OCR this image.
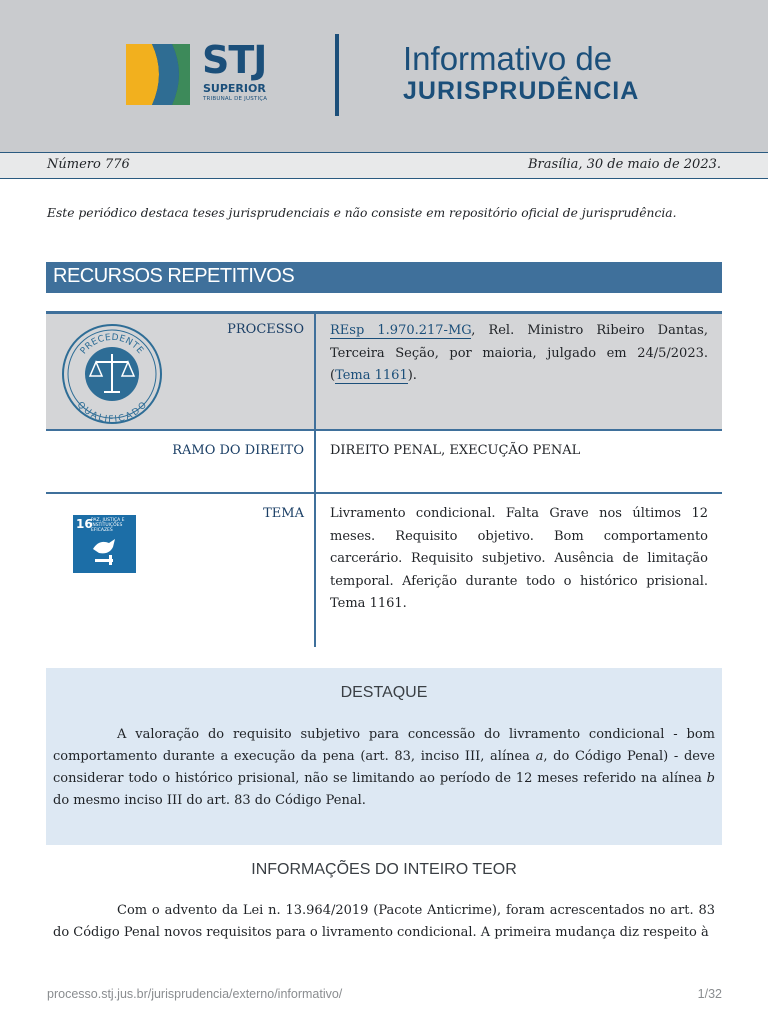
STJ
SUPERIOR
TRIBUNAL DE JUSTIÇA
Informativo de
JURISPRUDÊNCIA
Número 776	Brasília, 30 de maio de 2023.
Este periódico destaca teses jurisprudenciais e não consiste em repositório oficial de jurisprudência.
RECURSOS REPETITIVOS
PRECEDENTE
QUALIFICADO
PROCESSO REsp 1.970.217-MG, Rel. Ministro Ribeiro Dantas, Terceira Seção, por maioria, julgado em 24/5/2023. (Tema 1161).
RAMO DO DIREITO DIREITO PENAL, EXECUÇÃO PENAL
16
PAZ, JUSTIÇA E INSTITUIÇÕES EFICAZES
TEMA Livramento condicional. Falta Grave nos últimos 12 meses. Requisito objetivo. Bom comportamento carcerário. Requisito subjetivo. Ausência de limitação temporal. Aferição durante todo o histórico prisional. Tema 1161.
DESTAQUE
A valoração do requisito subjetivo para concessão do livramento condicional - bom comportamento durante a execução da pena (art. 83, inciso III, alínea a, do Código Penal) - deve considerar todo o histórico prisional, não se limitando ao período de 12 meses referido na alínea b do mesmo inciso III do art. 83 do Código Penal.
INFORMAÇÕES DO INTEIRO TEOR
Com o advento da Lei n. 13.964/2019 (Pacote Anticrime), foram acrescentados no art. 83 do Código Penal novos requisitos para o livramento condicional. A primeira mudança diz respeito à
processo.stj.jus.br/jurisprudencia/externo/informativo/	1/32
